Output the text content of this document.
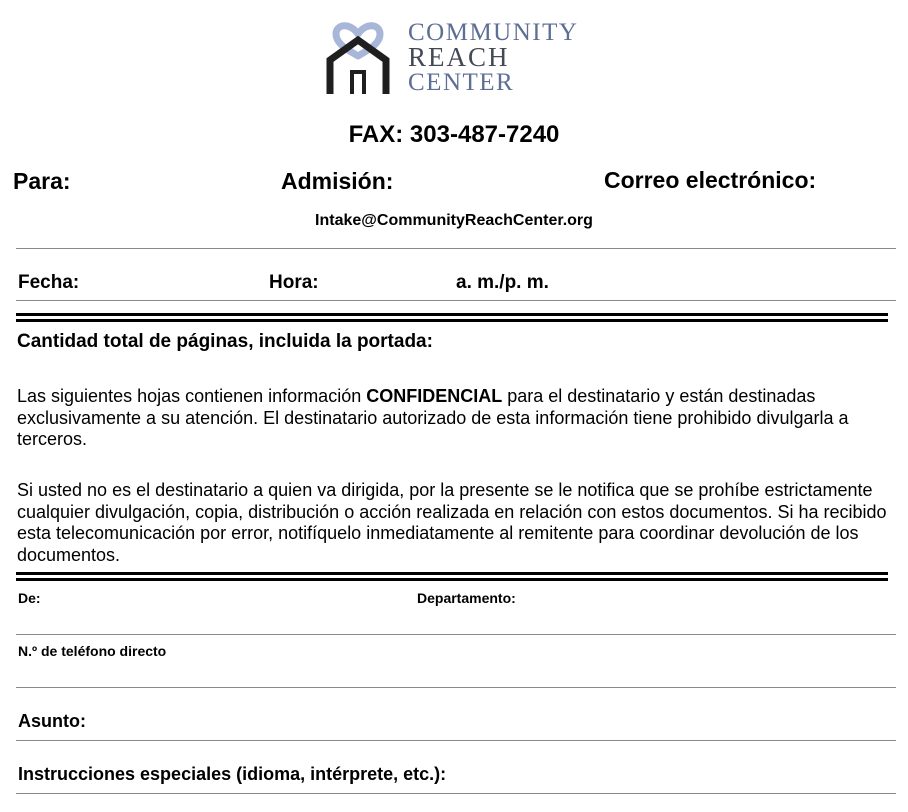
COMMUNITY
REACH
CENTER
FAX: 303-487-7240
Para:	Admisión:	Correo electrónico:
Intake@CommunityReachCenter.org
Fecha:	Hora:	a. m./p. m.
Cantidad total de páginas, incluida la portada:
Las siguientes hojas contienen información CONFIDENCIAL para el destinatario y están destinadas exclusivamente a su atención. El destinatario autorizado de esta información tiene prohibido divulgarla a terceros.
Si usted no es el destinatario a quien va dirigida, por la presente se le notifica que se prohíbe estrictamente cualquier divulgación, copia, distribución o acción realizada en relación con estos documentos. Si ha recibido esta telecomunicación por error, notifíquelo inmediatamente al remitente para coordinar devolución de los documentos.
De:	Departamento:
N.º de teléfono directo
Asunto:
Instrucciones especiales (idioma, intérprete, etc.):
